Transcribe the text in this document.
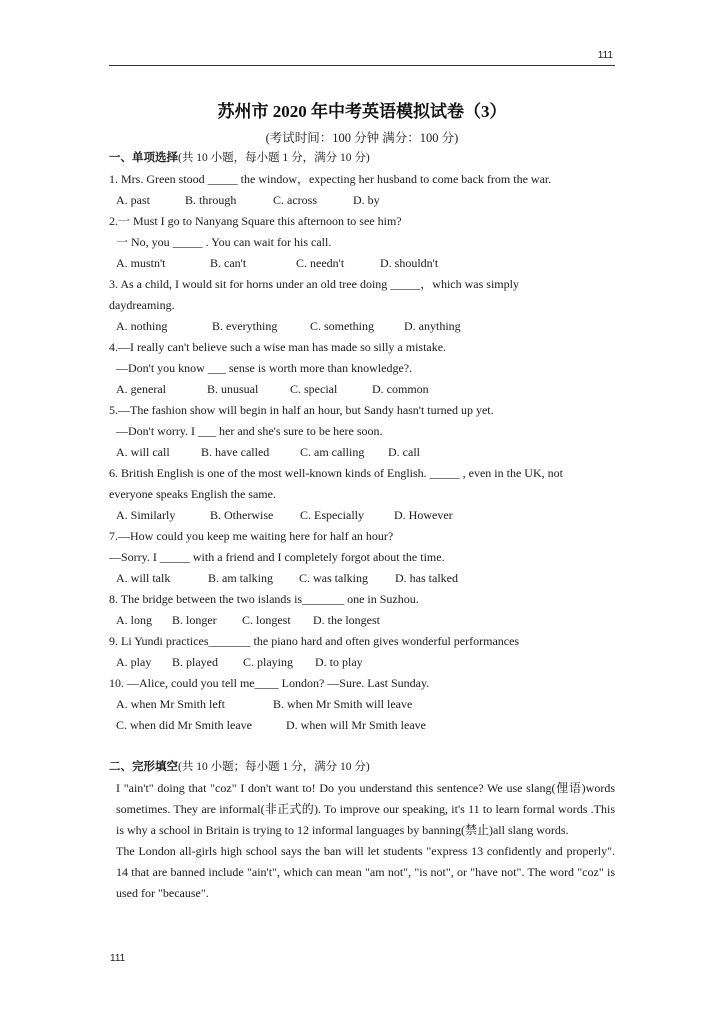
111
苏州市 2020 年中考英语模拟试卷（3）
(考试时间：100 分钟 满分：100 分)
一、单项选择(共 10 小题，每小题 1 分，满分 10 分)
1. Mrs. Green stood _____ the window，expecting her husband to come back from the war.
A. past	B. through	C. across	D. by
2.一 Must I go to Nanyang Square this afternoon to see him?
一 No, you _____ . You can wait for his call.
A. mustn't	B. can't	C. needn't	D. shouldn't
3. As a child, I would sit for horns under an old tree doing _____，which was simply
daydreaming.
A. nothing	B. everything	C. something D. anything
4.—I really can't believe such a wise man has made so silly a mistake.
—Don't you know ___ sense is worth more than knowledge?.
A. general	B. unusual	C. special	D. common
5.—The fashion show will begin in half an hour, but Sandy hasn't turned up yet.
—Don't worry. I ___ her and she's sure to be here soon.
A. will call	B. have called	C. am calling D. call
6. British English is one of the most well-known kinds of English. _____ , even in the UK, not
everyone speaks English the same.
A. Similarly	B. Otherwise C. Especially	D. However
7.—How could you keep me waiting here for half an hour?
—Sorry. I _____ with a friend and I completely forgot about the time.
A. will talk	B. am talking C. was talking D. has talked
8. The bridge between the two islands is_______ one in Suzhou.
A. long B. longer C. longest D. the longest
9. Li Yundi practices_______ the piano hard and often gives wonderful performances
A. play B. played C. playing D. to play
10. —Alice, could you tell me____ London? —Sure. Last Sunday.
A. when Mr Smith left	B. when Mr Smith will leave
C. when did Mr Smith leave	D. when will Mr Smith leave
二、完形填空(共 10 小题；每小题 1 分，满分 10 分)
I "ain't" doing that "coz" I don't want to! Do you understand this sentence? We use slang(俚语)words sometimes. They are informal(非正式的). To improve our speaking, it's 11 to learn formal words .This is why a school in Britain is trying to 12 informal languages by banning(禁止)all slang words.
The London all-girls high school says the ban will let students "express 13 confidently and properly". 14 that are banned include "ain't", which can mean "am not", "is not", or "have not". The word "coz" is used for "because".
111
